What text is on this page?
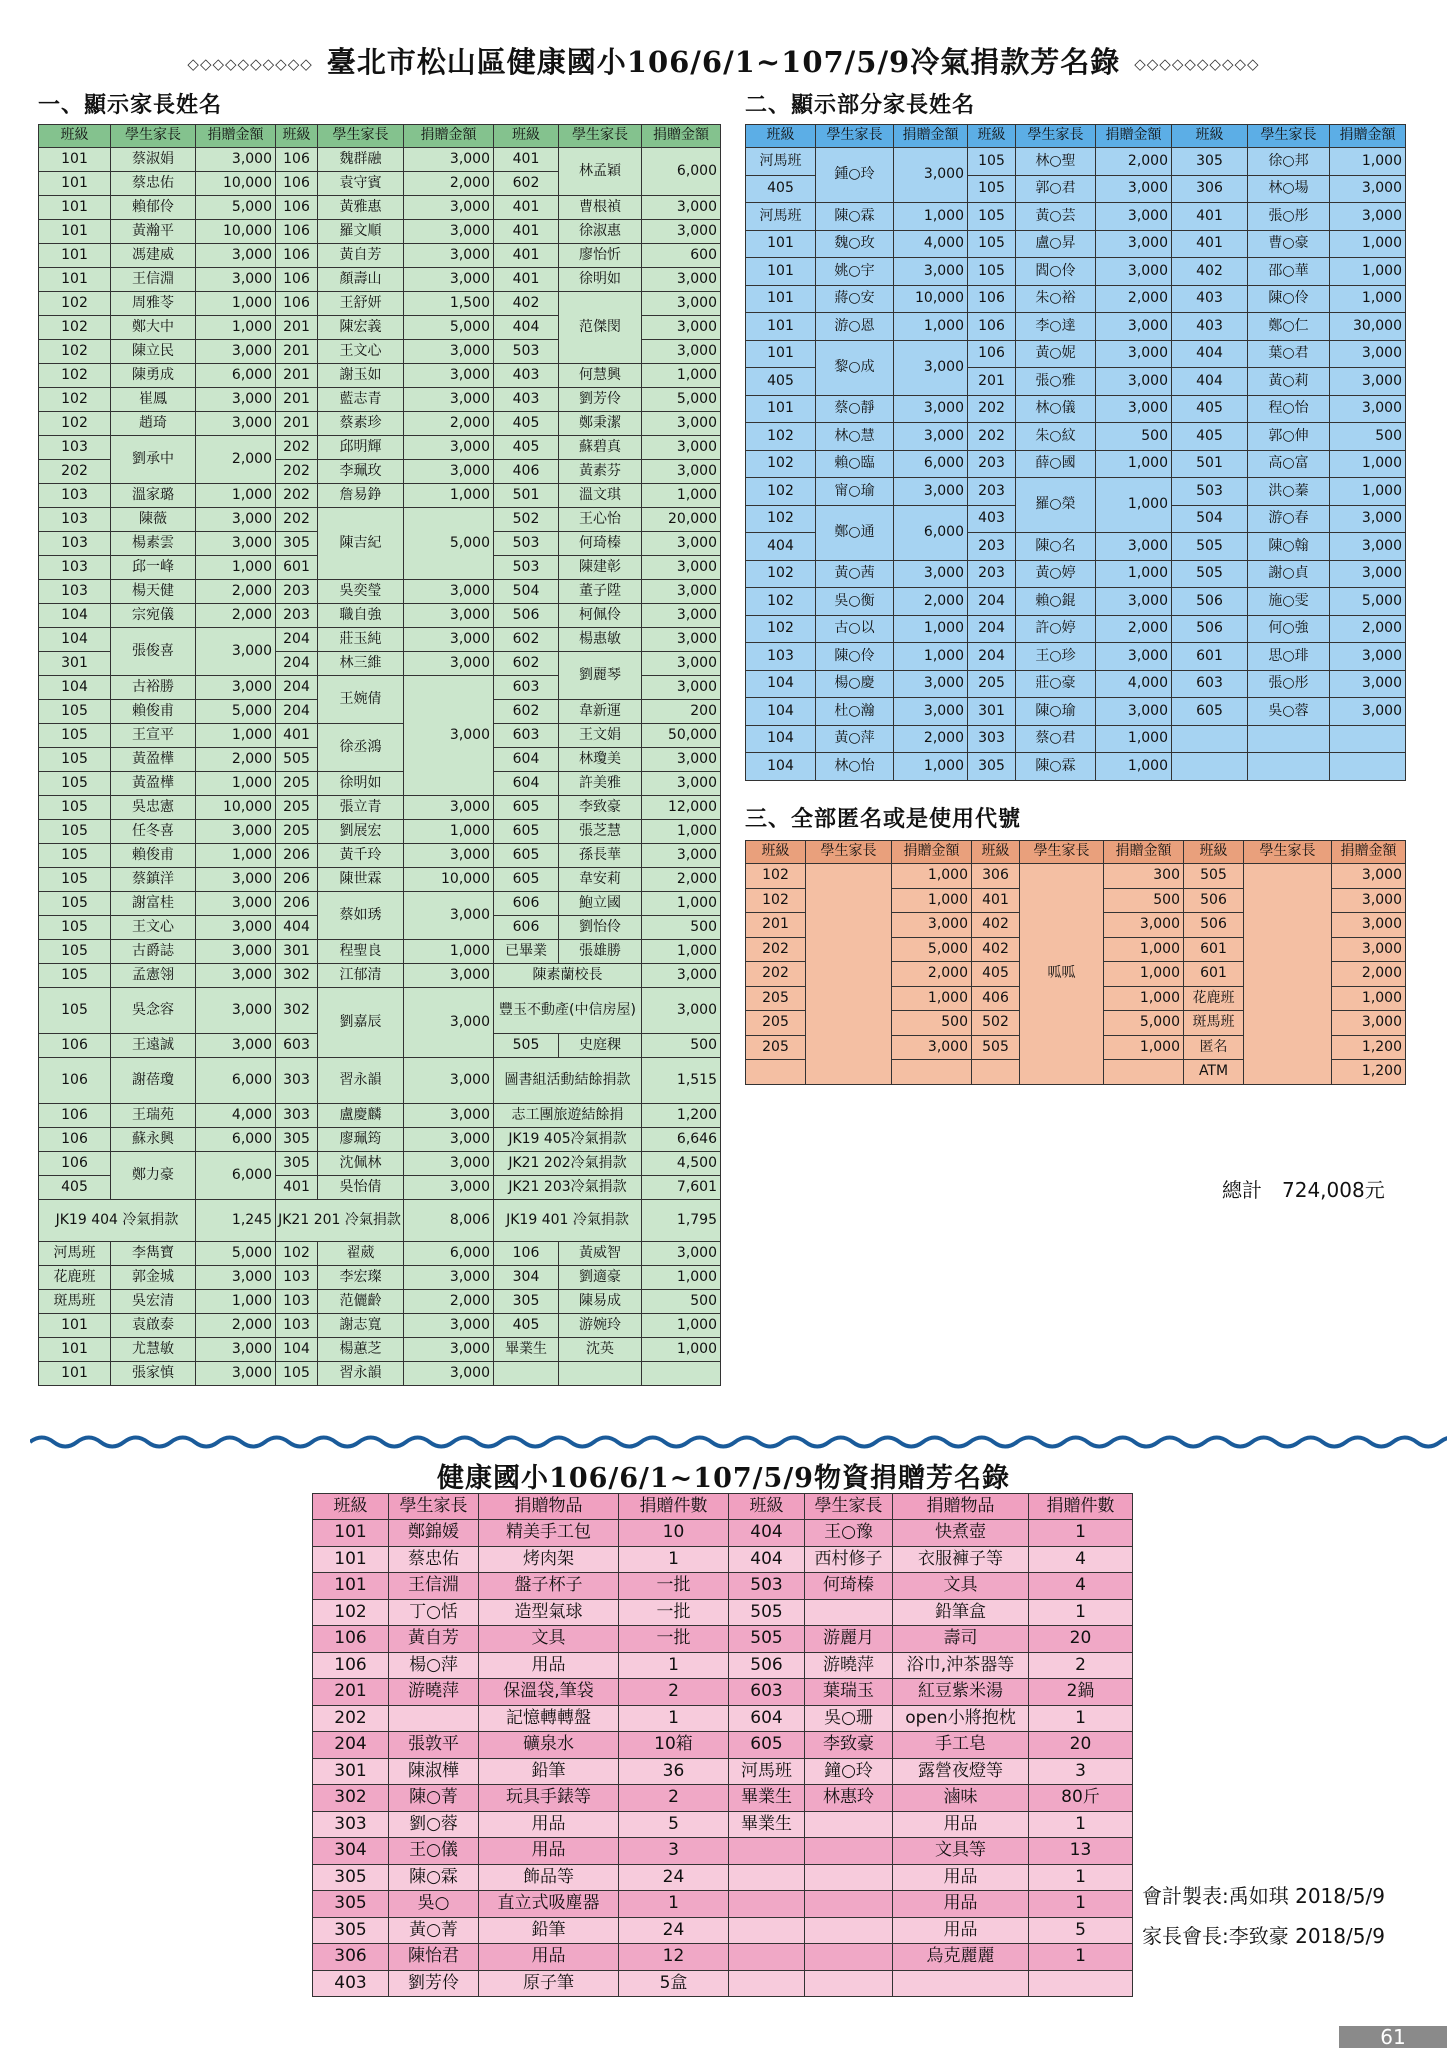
◇◇◇◇◇◇◇◇◇◇ 臺北市松山區健康國小106/6/1~107/5/9冷氣捐款芳名錄 ◇◇◇◇◇◇◇◇◇◇
一、顯示家長姓名	二、顯示部分家長姓名
三、全部匿名或是使用代號
班級	學生家長	捐贈金額	班級	學生家長	捐贈金額	班級	學生家長	捐贈金額
101	蔡淑娟	3,000	106	魏群融	3,000	401	林孟穎	6,000
101	蔡忠佑	10,000	106	袁守賓	2,000	602		
101	賴郁伶	5,000	106	黃雅惠	3,000	401	曹根禎	3,000
101	黃瀚平	10,000	106	羅文順	3,000	401	徐淑惠	3,000
101	馮建威	3,000	106	黃自芳	3,000	401	廖怡忻	600
101	王信淵	3,000	106	顏壽山	3,000	401	徐明如	3,000
102	周雅苓	1,000	106	王舒妍	1,500	402	范傑閔	3,000
102	鄭大中	1,000	201	陳宏義	5,000	404		3,000
102	陳立民	3,000	201	王文心	3,000	503		3,000
102	陳勇成	6,000	201	謝玉如	3,000	403	何慧興	1,000
102	崔鳳	3,000	201	藍志青	3,000	403	劉芳伶	5,000
102	趙琦	3,000	201	蔡素珍	2,000	405	鄭秉潔	3,000
103	劉承中	2,000	202	邱明輝	3,000	405	蘇碧真	3,000
202			202	李珮玫	3,000	406	黃素芬	3,000
103	溫家璐	1,000	202	詹易錚	1,000	501	溫文琪	1,000
103	陳薇	3,000	202	陳吉紀	5,000	502	王心怡	20,000
103	楊素雲	3,000	305			503	何琦榛	3,000
103	邱一峰	1,000	601			503	陳建彰	3,000
103	楊天健	2,000	203	吳奕瑩	3,000	504	董子陞	3,000
104	宗宛儀	2,000	203	職自強	3,000	506	柯佩伶	3,000
104	張俊喜	3,000	204	莊玉純	3,000	602	楊惠敏	3,000
301			204	林三維	3,000	602	劉麗琴	3,000
104	古裕勝	3,000	204	王婉倩	3,000	603		3,000
105	賴俊甫	5,000	204			602	韋新運	200
105	王宣平	1,000	401	徐丞鴻		603	王文娟	50,000
105	黃盈樺	2,000	505			604	林瓊美	3,000
105	黃盈樺	1,000	205	徐明如		604	許美雅	3,000
105	吳忠憲	10,000	205	張立青	3,000	605	李致豪	12,000
105	任冬喜	3,000	205	劉展宏	1,000	605	張芝慧	1,000
105	賴俊甫	1,000	206	黃千玲	3,000	605	孫長華	3,000
105	蔡鎮洋	3,000	206	陳世霖	10,000	605	韋安莉	2,000
105	謝富桂	3,000	206	蔡如琇	3,000	606	鮑立國	1,000
105	王文心	3,000	404			606	劉怡伶	500
105	古爵誌	3,000	301	程聖良	1,000	已畢業	張雄勝	1,000
105	孟憲翎	3,000	302	江郁清	3,000	陳素蘭校長		3,000
105	吳念容	3,000	302	劉嘉辰	3,000	豐玉不動產(中信房屋)		3,000
106	王遠誠	3,000	603			505	史庭稞	500
106	謝蓓瓊	6,000	303	習永韻	3,000	圖書組活動結餘捐款		1,515
106	王瑞苑	4,000	303	盧慶麟	3,000	志工團旅遊結餘捐		1,200
106	蘇永興	6,000	305	廖珮筠	3,000	JK19 405冷氣捐款		6,646
106	鄭力豪	6,000	305	沈佩林	3,000	JK21 202冷氣捐款		4,500
405			401	吳怡倩	3,000	JK21 203冷氣捐款		7,601
JK19 404 冷氣捐款		1,245	JK21 201 冷氣捐款		8,006	JK19 401 冷氣捐款		1,795
河馬班	李雋寶	5,000	102	翟葳	6,000	106	黃威智	3,000
花鹿班	郭金城	3,000	103	李宏璨	3,000	304	劉適豪	1,000
斑馬班	吳宏清	1,000	103	范儷齡	2,000	305	陳易成	500
101	袁啟泰	2,000	103	謝志寬	3,000	405	游婉玲	1,000
101	尤慧敏	3,000	104	楊蕙芝	3,000	畢業生	沈英	1,000
101	張家慎	3,000	105	習永韻	3,000			
班級	學生家長	捐贈金額	班級	學生家長	捐贈金額	班級	學生家長	捐贈金額
河馬班	鍾○玲	3,000	105	林○聖	2,000	305	徐○邦	1,000
405			105	郭○君	3,000	306	林○場	3,000
河馬班	陳○霖	1,000	105	黃○芸	3,000	401	張○彤	3,000
101	魏○玫	4,000	105	盧○昇	3,000	401	曹○豪	1,000
101	姚○宇	3,000	105	閻○伶	3,000	402	邵○華	1,000
101	蔣○安	10,000	106	朱○裕	2,000	403	陳○伶	1,000
101	游○恩	1,000	106	李○達	3,000	403	鄭○仁	30,000
101	黎○成	3,000	106	黃○妮	3,000	404	葉○君	3,000
405			201	張○雅	3,000	404	黃○莉	3,000
101	蔡○靜	3,000	202	林○儀	3,000	405	程○怡	3,000
102	林○慧	3,000	202	朱○紋	500	405	郭○伸	500
102	賴○臨	6,000	203	薛○國	1,000	501	高○富	1,000
102	甯○瑜	3,000	203	羅○榮	1,000	503	洪○蓁	1,000
102	鄭○通	6,000	403			504	游○春	3,000
404			203	陳○名	3,000	505	陳○翰	3,000
102	黃○茜	3,000	203	黃○婷	1,000	505	謝○貞	3,000
102	吳○衡	2,000	204	賴○錕	3,000	506	施○雯	5,000
102	古○以	1,000	204	許○婷	2,000	506	何○強	2,000
103	陳○伶	1,000	204	王○珍	3,000	601	思○琲	3,000
104	楊○慶	3,000	205	莊○豪	4,000	603	張○彤	3,000
104	杜○瀚	3,000	301	陳○瑜	3,000	605	吳○蓉	3,000
104	黃○萍	2,000	303	蔡○君	1,000			
104	林○怡	1,000	305	陳○霖	1,000			
班級	學生家長	捐贈金額	班級	學生家長	捐贈金額	班級	學生家長	捐贈金額
102		1,000	306	呱呱	300	505		3,000
102		1,000	401		500	506		3,000
201		3,000	402		3,000	506		3,000
202		5,000	402		1,000	601		3,000
202		2,000	405		1,000	601		2,000
205		1,000	406		1,000	花鹿班		1,000
205		500	502		5,000	斑馬班		3,000
205		3,000	505		1,000	匿名		1,200
						ATM		1,200
總計　724,008元
健康國小106/6/1~107/5/9物資捐贈芳名錄
班級	學生家長	捐贈物品	捐贈件數	班級	學生家長	捐贈物品	捐贈件數
101	鄭錦媛	精美手工包	10	404	王○豫	快煮壺	1
101	蔡忠佑	烤肉架	1	404	西村修子	衣服褲子等	4
101	王信淵	盤子杯子	一批	503	何琦榛	文具	4
102	丁○恬	造型氣球	一批	505		鉛筆盒	1
106	黃自芳	文具	一批	505	游麗月	壽司	20
106	楊○萍	用品	1	506	游曉萍	浴巾,沖茶器等	2
201	游曉萍	保溫袋,筆袋	2	603	葉瑞玉	紅豆紫米湯	2鍋
202		記憶轉轉盤	1	604	吳○珊	open小將抱枕	1
204	張敦平	礦泉水	10箱	605	李致豪	手工皂	20
301	陳淑樺	鉛筆	36	河馬班	鐘○玲	露營夜燈等	3
302	陳○菁	玩具手錶等	2	畢業生	林惠玲	滷味	80斤
303	劉○蓉	用品	5	畢業生		用品	1
304	王○儀	用品	3			文具等	13
305	陳○霖	飾品等	24			用品	1
305	吳○	直立式吸塵器	1			用品	1
305	黃○菁	鉛筆	24			用品	5
306	陳怡君	用品	12			烏克麗麗	1
403	劉芳伶	原子筆	5盒				
會計製表:禹如琪 2018/5/9
家長會長:李致豪 2018/5/9
61
